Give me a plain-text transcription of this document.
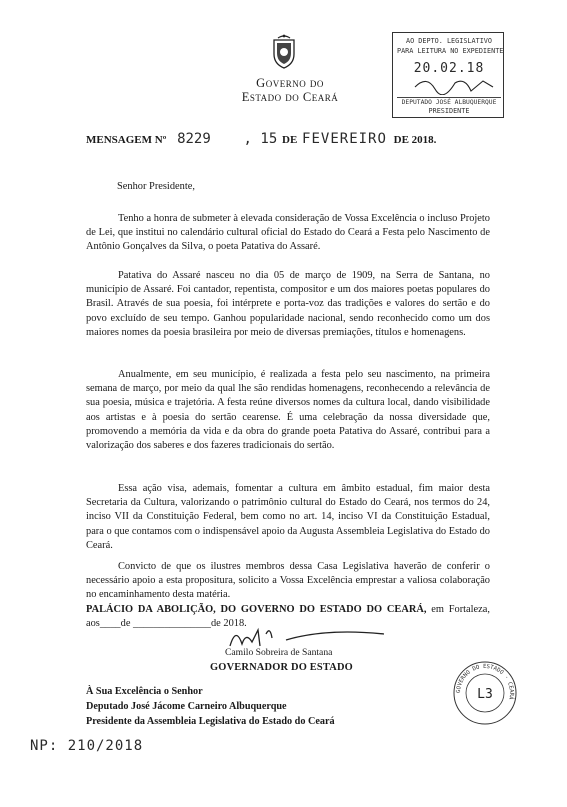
Governo do
Estado do Ceará
AO DEPTO. LEGISLATIVO
PARA LEITURA NO EXPEDIENTE
20.02.18
DEPUTADO JOSÉ ALBUQUERQUE
PRESIDENTE
MENSAGEM Nº 8229 , 15 DE FEVEREIRO DE 2018.
Senhor Presidente,

Tenho a honra de submeter à elevada consideração de Vossa Excelência o incluso Projeto de Lei, que institui no calendário cultural oficial do Estado do Ceará a Festa pelo Nascimento de Antônio Gonçalves da Silva, o poeta Patativa do Assaré.

Patativa do Assaré nasceu no dia 05 de março de 1909, na Serra de Santana, no município de Assaré. Foi cantador, repentista, compositor e um dos maiores poetas populares do Brasil. Através de sua poesia, foi intérprete e porta-voz das tradições e valores do sertão e do povo excluído de seu tempo. Ganhou popularidade nacional, sendo reconhecido como um dos maiores nomes da poesia brasileira por meio de diversas premiações, títulos e homenagens.

Anualmente, em seu município, é realizada a festa pelo seu nascimento, na primeira semana de março, por meio da qual lhe são rendidas homenagens, reconhecendo a relevância de sua poesia, música e trajetória. A festa reúne diversos nomes da cultura local, dando visibilidade aos artistas e à poesia do sertão cearense. É uma celebração da nossa diversidade que, promovendo a memória da vida e da obra do grande poeta Patativa do Assaré, contribui para a valorização dos saberes e dos fazeres tradicionais do sertão.

Essa ação visa, ademais, fomentar a cultura em âmbito estadual, fim maior desta Secretaria da Cultura, valorizando o patrimônio cultural do Estado do Ceará, nos termos do 24, inciso VII da Constituição Federal, bem como no art. 14, inciso VI da Constituição Estadual, para o que contamos com o indispensável apoio da Augusta Assembleia Legislativa do Estado do Ceará.

Convicto de que os ilustres membros dessa Casa Legislativa haverão de conferir o necessário apoio a esta propositura, solicito a Vossa Excelência emprestar a valiosa colaboração no encaminhamento desta matéria.

PALÁCIO DA ABOLIÇÃO, DO GOVERNO DO ESTADO DO CEARÁ, em Fortaleza, aos____de _______________de 2018.
Camilo Sobreira de Santana
GOVERNADOR DO ESTADO
À Sua Excelência o Senhor
Deputado José Jácome Carneiro Albuquerque
Presidente da Assembleia Legislativa do Estado do Ceará
GOVERNO DO ESTADO · CEARÁ
L3
NP: 210/2018
